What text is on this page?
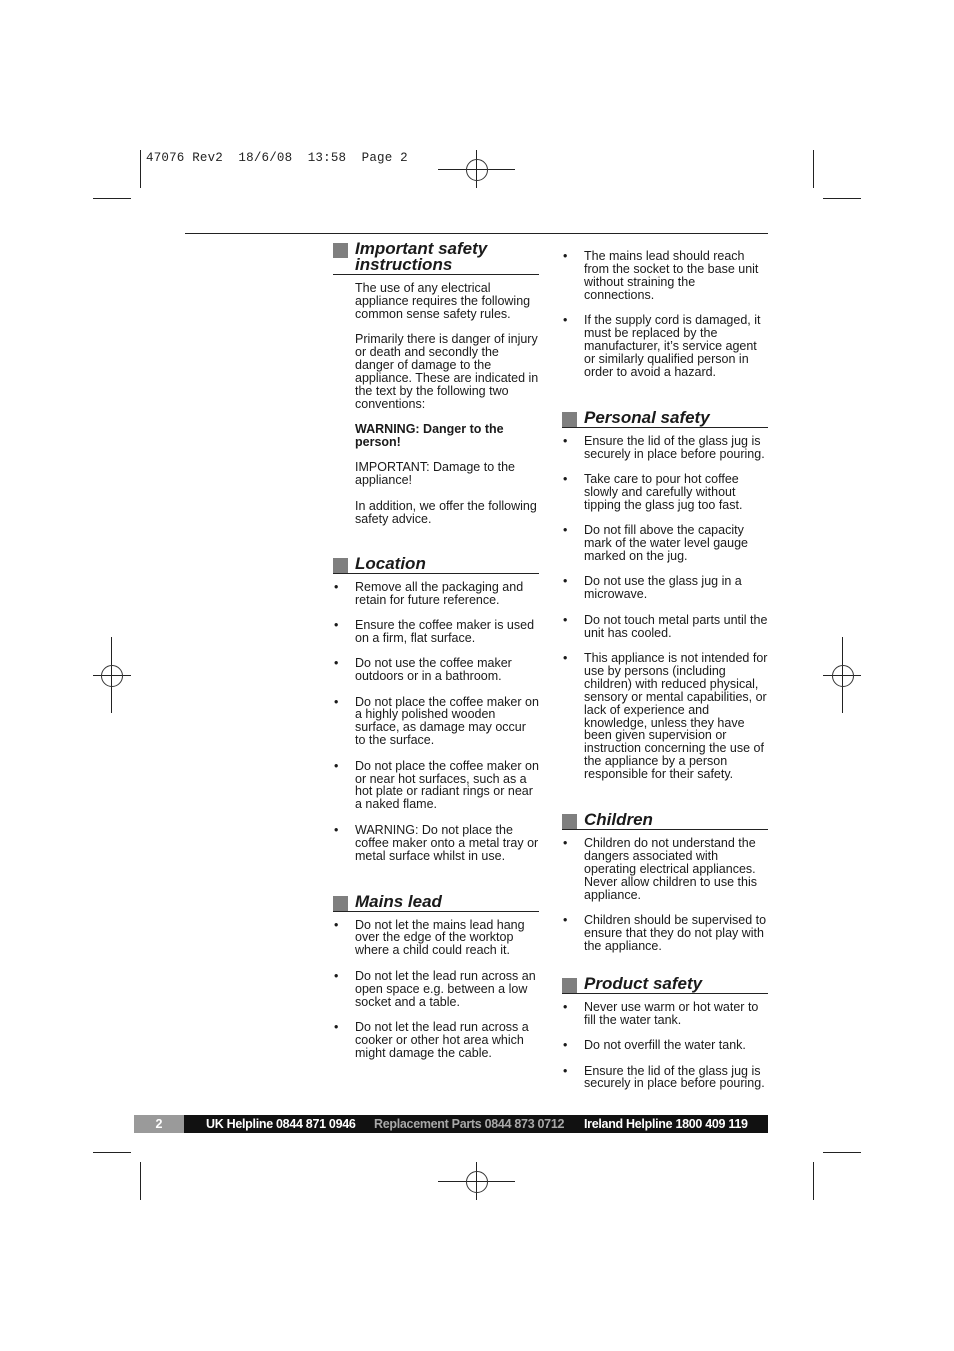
47076 Rev2  18/6/08  13:58  Page 2
Important safety instructions

The use of any electrical appliance requires the following common sense safety rules.

Primarily there is danger of injury or death and secondly the danger of damage to the appliance. These are indicated in the text by the following two conventions:

WARNING: Danger to the person!

IMPORTANT: Damage to the appliance!

In addition, we offer the following safety advice.

Location
• Remove all the packaging and retain for future reference.
• Ensure the coffee maker is used on a firm, flat surface.
• Do not use the coffee maker outdoors or in a bathroom.
• Do not place the coffee maker on a highly polished wooden surface, as damage may occur to the surface.
• Do not place the coffee maker on or near hot surfaces, such as a hot plate or radiant rings or near a naked flame.
• WARNING: Do not place the coffee maker onto a metal tray or metal surface whilst in use.
Mains lead
• Do not let the mains lead hang over the edge of the worktop where a child could reach it.
• Do not let the lead run across an open space e.g. between a low socket and a table.
• Do not let the lead run across a cooker or other hot area which might damage the cable.
• The mains lead should reach from the socket to the base unit without straining the connections.
• If the supply cord is damaged, it must be replaced by the manufacturer, it’s service agent or similarly qualified person in order to avoid a hazard.
Personal safety
• Ensure the lid of the glass jug is securely in place before pouring.
• Take care to pour hot coffee slowly and carefully without tipping the glass jug too fast.
• Do not fill above the capacity mark of the water level gauge marked on the jug.
• Do not use the glass jug in a microwave.
• Do not touch metal parts until the unit has cooled.
• This appliance is not intended for use by persons (including children) with reduced physical, sensory or mental capabilities, or lack of experience and knowledge, unless they have been given supervision or instruction concerning the use of the appliance by a person responsible for their safety.
Children
• Children do not understand the dangers associated with operating electrical appliances. Never allow children to use this appliance.
• Children should be supervised to ensure that they do not play with the appliance.
Product safety
• Never use warm or hot water to fill the water tank.
• Do not overfill the water tank.
• Ensure the lid of the glass jug is securely in place before pouring.
2	UK Helpline 0844 871 0946 Replacement Parts 0844 873 0712 Ireland Helpline 1800 409 119
